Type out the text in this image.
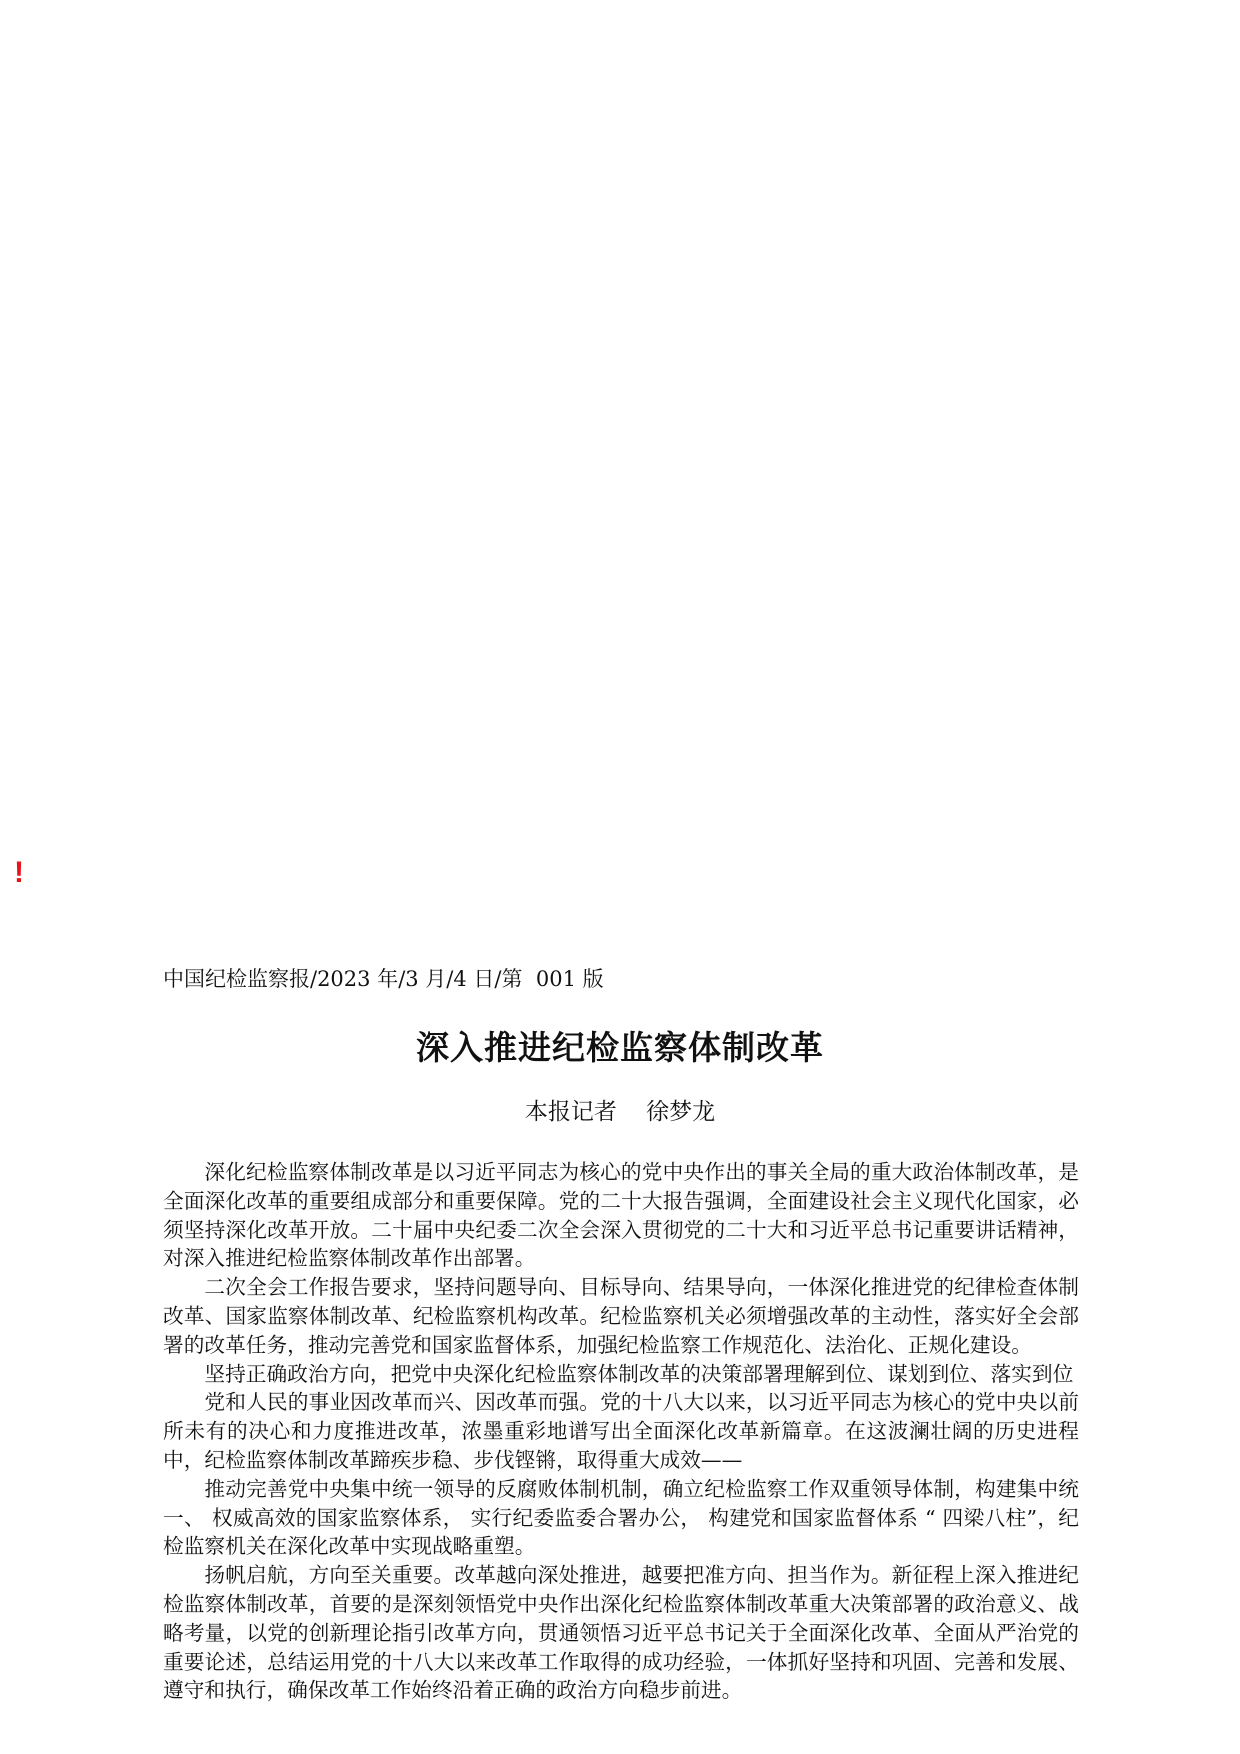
!
中国纪检监察报/2023 年/3 月/4 日/第  001 版
深入推进纪检监察体制改革
本报记者    徐梦龙

深化纪检监察体制改革是以习近平同志为核心的党中央作出的事关全局的重大政治体制改革，是全面深化改革的重要组成部分和重要保障。党的二十大报告强调，全面建设社会主义现代化国家，必须坚持深化改革开放。二十届中央纪委二次全会深入贯彻党的二十大和习近平总书记重要讲话精神，对深入推进纪检监察体制改革作出部署。

二次全会工作报告要求，坚持问题导向、目标导向、结果导向，一体深化推进党的纪律检查体制改革、国家监察体制改革、纪检监察机构改革。纪检监察机关必须增强改革的主动性，落实好全会部署的改革任务，推动完善党和国家监督体系，加强纪检监察工作规范化、法治化、正规化建设。

坚持正确政治方向，把党中央深化纪检监察体制改革的决策部署理解到位、谋划到位、落实到位

党和人民的事业因改革而兴、因改革而强。党的十八大以来，以习近平同志为核心的党中央以前所未有的决心和力度推进改革，浓墨重彩地谱写出全面深化改革新篇章。在这波澜壮阔的历史进程中，纪检监察体制改革蹄疾步稳、步伐铿锵，取得重大成效——

推动完善党中央集中统一领导的反腐败体制机制，确立纪检监察工作双重领导体制，构建集中统一、 权威高效的国家监察体系， 实行纪委监委合署办公， 构建党和国家监督体系 “ 四梁八柱”，纪检监察机关在深化改革中实现战略重塑。

扬帆启航，方向至关重要。改革越向深处推进，越要把准方向、担当作为。新征程上深入推进纪检监察体制改革，首要的是深刻领悟党中央作出深化纪检监察体制改革重大决策部署的政治意义、战略考量，以党的创新理论指引改革方向，贯通领悟习近平总书记关于全面深化改革、全面从严治党的重要论述，总结运用党的十八大以来改革工作取得的成功经验，一体抓好坚持和巩固、完善和发展、遵守和执行，确保改革工作始终沿着正确的政治方向稳步前进。
